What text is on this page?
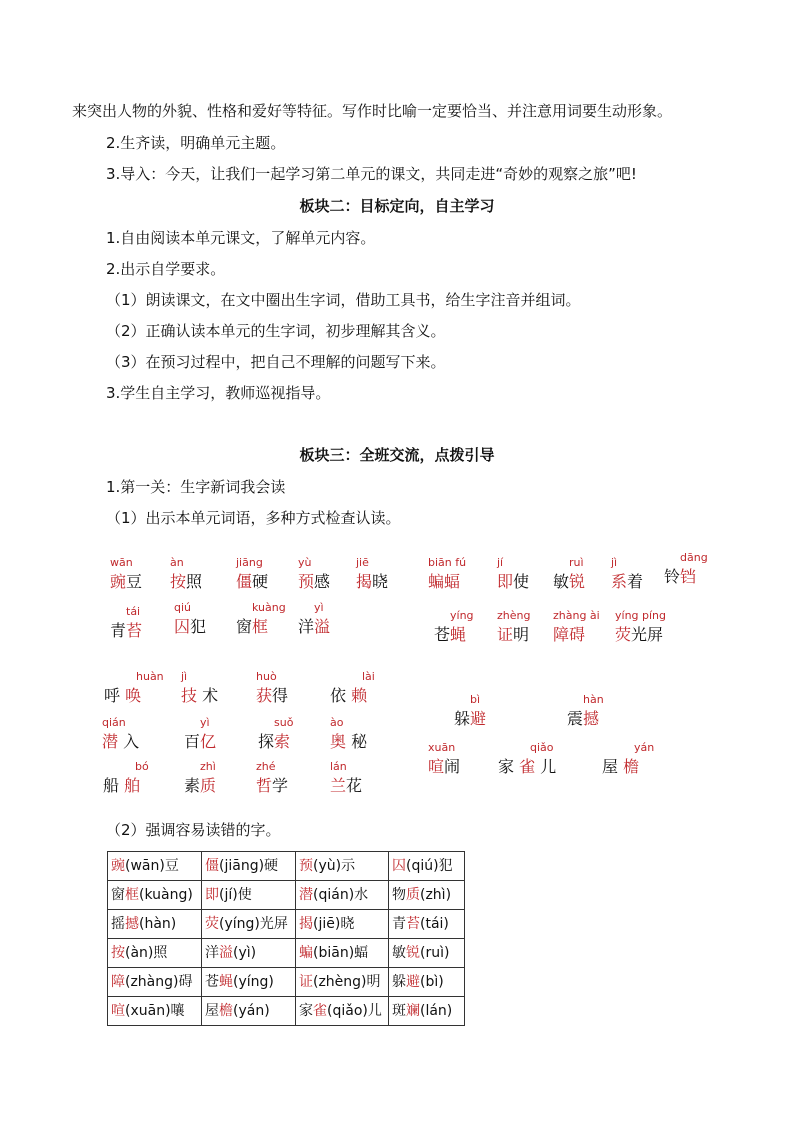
来突出人物的外貌、性格和爱好等特征。写作时比喻一定要恰当、并注意用词要生动形象。
2.生齐读，明确单元主题。
3.导入：今天，让我们一起学习第二单元的课文，共同走进“奇妙的观察之旅”吧!
板块二：目标定向，自主学习
1.自由阅读本单元课文，了解单元内容。
2.出示自学要求。
（1）朗读课文，在文中圈出生字词，借助工具书，给生字注音并组词。
（2）正确认读本单元的生字词，初步理解其含义。
（3）在预习过程中，把自己不理解的问题写下来。
3.学生自主学习，教师巡视指导。
板块三：全班交流，点拨引导
1.第一关：生字新词我会读
（1）出示本单元词语，多种方式检查认读。
wān
豌豆
àn
按照
jiāng
僵硬
yù
预感
jiē
揭晓
biān fú
蝙蝠
jí
即使
ruì
敏锐
jì
系着
dāng
铃铛
tái
青苔
qiú
囚犯
kuàng
窗框
yì
洋溢
yíng
苍蝇
zhèng
证明
zhàng ài
障碍
yíng píng
荧光屏
huàn
呼 唤
jì
技 术
huò
获得
lài
依 赖	bì
躲避
hàn
震撼
qián
潜 入
yì
百亿
suǒ
探索
ào
奥 秘	xuān
喧闹
qiǎo
家 雀 儿
yán
屋 檐
bó
船 舶
zhì
素质
zhé
哲学
lán
兰花
（2）强调容易读错的字。
豌(wān)豆	僵(jiāng)硬	预(yù)示	囚(qiú)犯
窗框(kuàng)	即(jí)使	潜(qián)水	物质(zhì)
摇撼(hàn)	荧(yíng)光屏	揭(jiē)晓	青苔(tái)
按(àn)照	洋溢(yì)	蝙(biān)蝠	敏锐(ruì)
障(zhàng)碍	苍蝇(yíng)	证(zhèng)明	躲避(bì)
喧(xuān)嚷	屋檐(yán)	家雀(qiǎo)儿	斑斓(lán)
